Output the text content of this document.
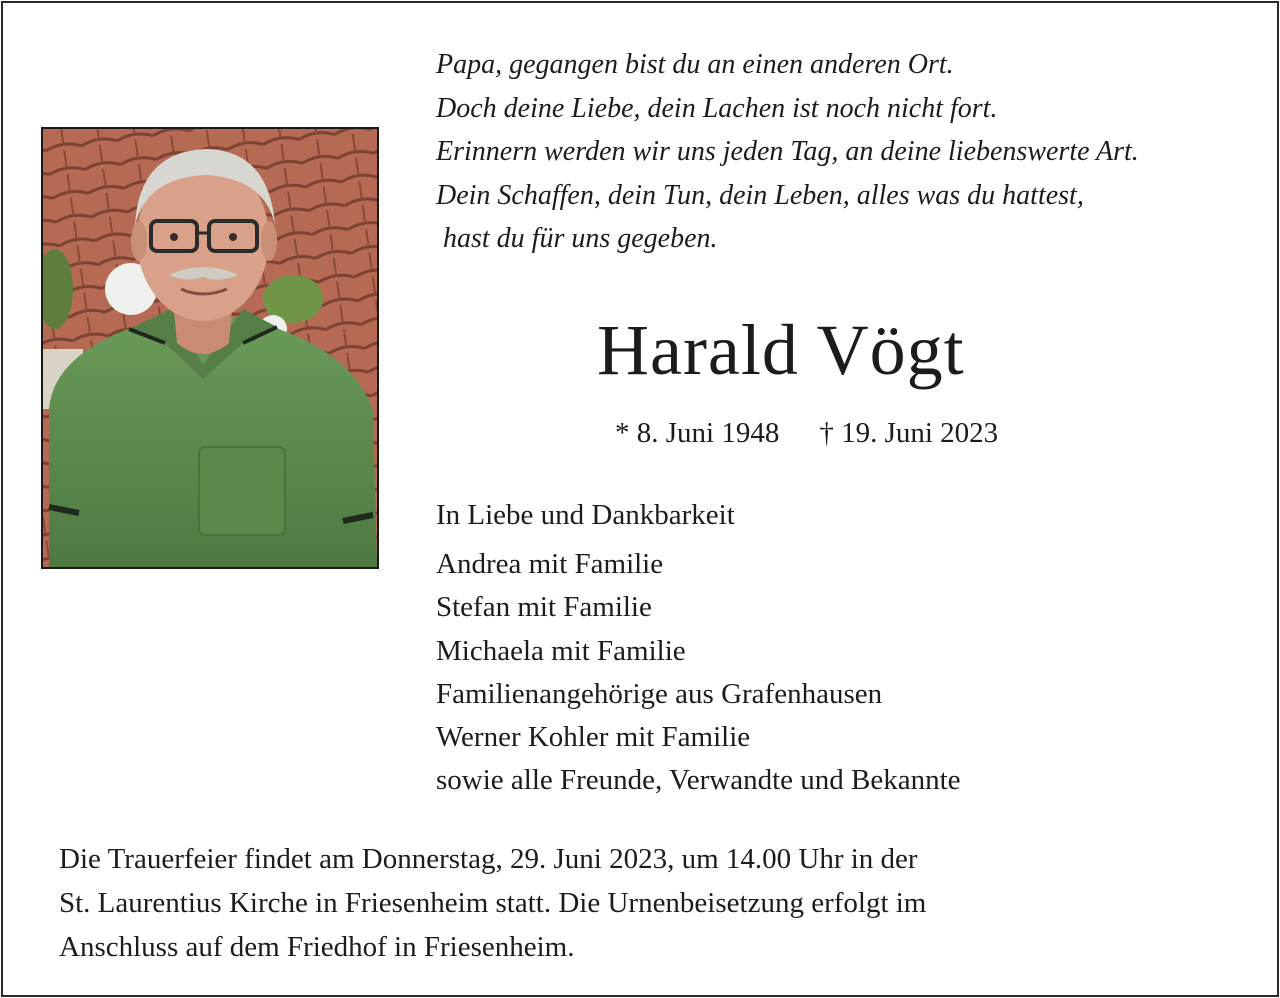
Papa, gegangen bist du an einen anderen Ort.
Doch deine Liebe, dein Lachen ist noch nicht fort.
Erinnern werden wir uns jeden Tag, an deine liebenswerte Art.
Dein Schaffen, dein Tun, dein Leben, alles was du hattest,
hast du für uns gegeben.
Harald Vögt
* 8. Juni 1948 † 19. Juni 2023
In Liebe und Dankbarkeit
Andrea mit Familie
Stefan mit Familie
Michaela mit Familie
Familienangehörige aus Grafenhausen
Werner Kohler mit Familie
sowie alle Freunde, Verwandte und Bekannte
Die Trauerfeier findet am Donnerstag, 29. Juni 2023, um 14.00 Uhr in der
St. Laurentius Kirche in Friesenheim statt. Die Urnenbeisetzung erfolgt im
Anschluss auf dem Friedhof in Friesenheim.
